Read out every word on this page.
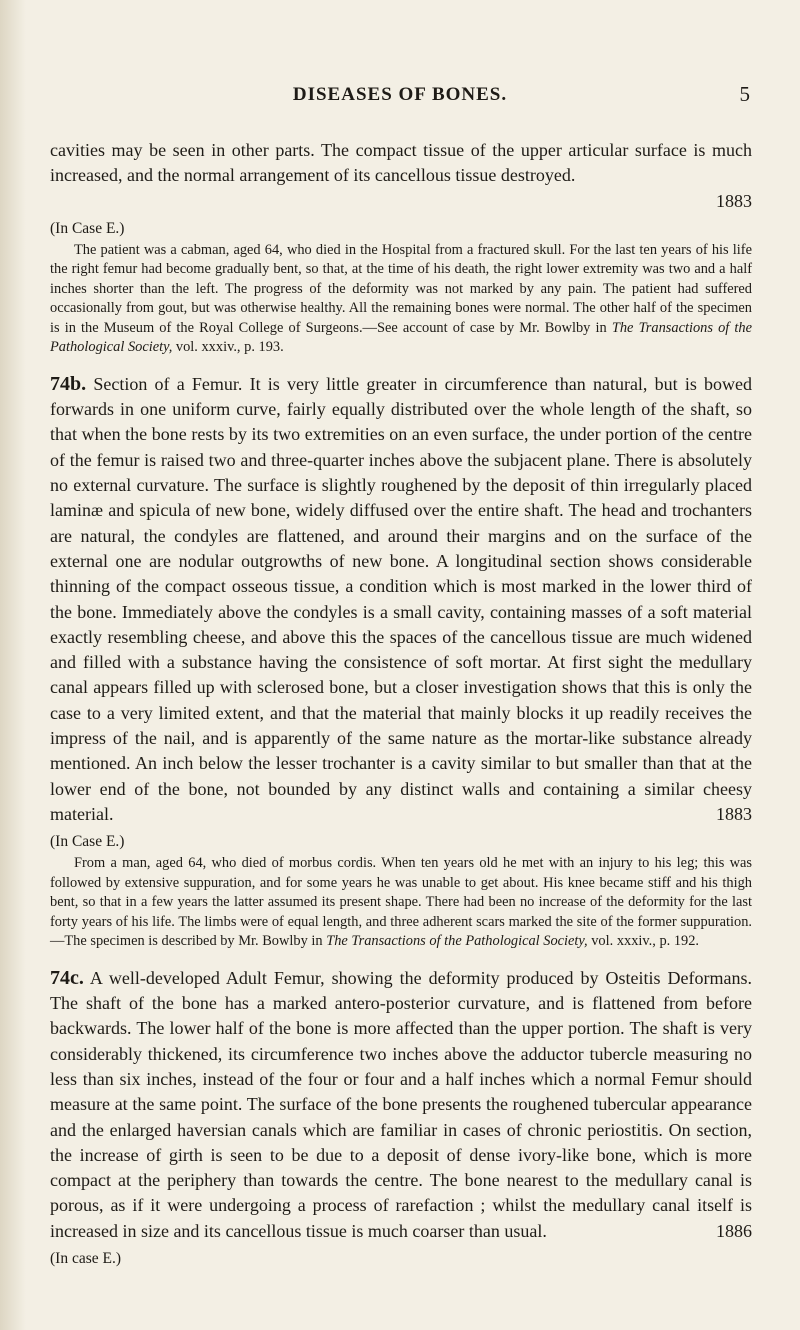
DISEASES OF BONES.	5

cavities may be seen in other parts. The compact tissue of the upper articular surface is much increased, and the normal arrangement of its cancellous tissue destroyed.

1883
(In Case E.)

The patient was a cabman, aged 64, who died in the Hospital from a fractured skull. For the last ten years of his life the right femur had become gradually bent, so that, at the time of his death, the right lower extremity was two and a half inches shorter than the left. The progress of the deformity was not marked by any pain. The patient had suffered occasionally from gout, but was otherwise healthy. All the remaining bones were normal. The other half of the specimen is in the Museum of the Royal College of Surgeons.—See account of case by Mr. Bowlby in The Transactions of the Pathological Society, vol. xxxiv., p. 193.

74b. Section of a Femur. It is very little greater in circumference than natural, but is bowed forwards in one uniform curve, fairly equally distributed over the whole length of the shaft, so that when the bone rests by its two extremities on an even surface, the under portion of the centre of the femur is raised two and three-quarter inches above the subjacent plane. There is absolutely no external curvature. The surface is slightly roughened by the deposit of thin irregularly placed laminæ and spicula of new bone, widely diffused over the entire shaft. The head and trochanters are natural, the condyles are flattened, and around their margins and on the surface of the external one are nodular outgrowths of new bone. A longitudinal section shows considerable thinning of the compact osseous tissue, a condition which is most marked in the lower third of the bone. Immediately above the condyles is a small cavity, containing masses of a soft material exactly resembling cheese, and above this the spaces of the cancellous tissue are much widened and filled with a substance having the consistence of soft mortar. At first sight the medullary canal appears filled up with sclerosed bone, but a closer investigation shows that this is only the case to a very limited extent, and that the material that mainly blocks it up readily receives the impress of the nail, and is apparently of the same nature as the mortar-like substance already mentioned. An inch below the lesser trochanter is a cavity similar to but smaller than that at the lower end of the bone, not bounded by any distinct walls and containing a similar cheesy material.	1883

(In Case E.)

From a man, aged 64, who died of morbus cordis. When ten years old he met with an injury to his leg; this was followed by extensive suppuration, and for some years he was unable to get about. His knee became stiff and his thigh bent, so that in a few years the latter assumed its present shape. There had been no increase of the deformity for the last forty years of his life. The limbs were of equal length, and three adherent scars marked the site of the former suppuration.—The specimen is described by Mr. Bowlby in The Transactions of the Pathological Society, vol. xxxiv., p. 192.

74c. A well-developed Adult Femur, showing the deformity produced by Osteitis Deformans. The shaft of the bone has a marked antero-posterior curvature, and is flattened from before backwards. The lower half of the bone is more affected than the upper portion. The shaft is very considerably thickened, its circumference two inches above the adductor tubercle measuring no less than six inches, instead of the four or four and a half inches which a normal Femur should measure at the same point. The surface of the bone presents the roughened tubercular appearance and the enlarged haversian canals which are familiar in cases of chronic periostitis. On section, the increase of girth is seen to be due to a deposit of dense ivory-like bone, which is more compact at the periphery than towards the centre. The bone nearest to the medullary canal is porous, as if it were undergoing a process of rarefaction ; whilst the medullary canal itself is increased in size and its cancellous tissue is much coarser than usual.	1886

(In case E.)
